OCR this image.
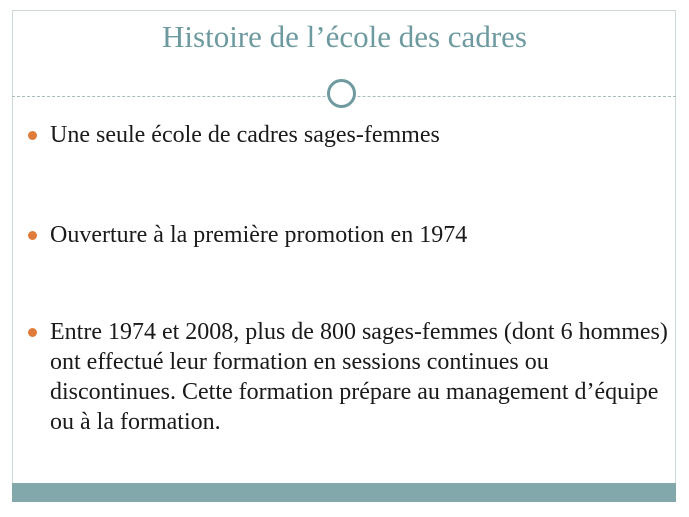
Histoire de l’école des cadres
Une seule école de cadres sages-femmes
Ouverture à la première promotion en 1974
Entre 1974 et 2008, plus de 800 sages-femmes (dont 6 hommes) ont effectué leur formation en sessions continues ou discontinues. Cette formation prépare au management d’équipe ou à la formation.
